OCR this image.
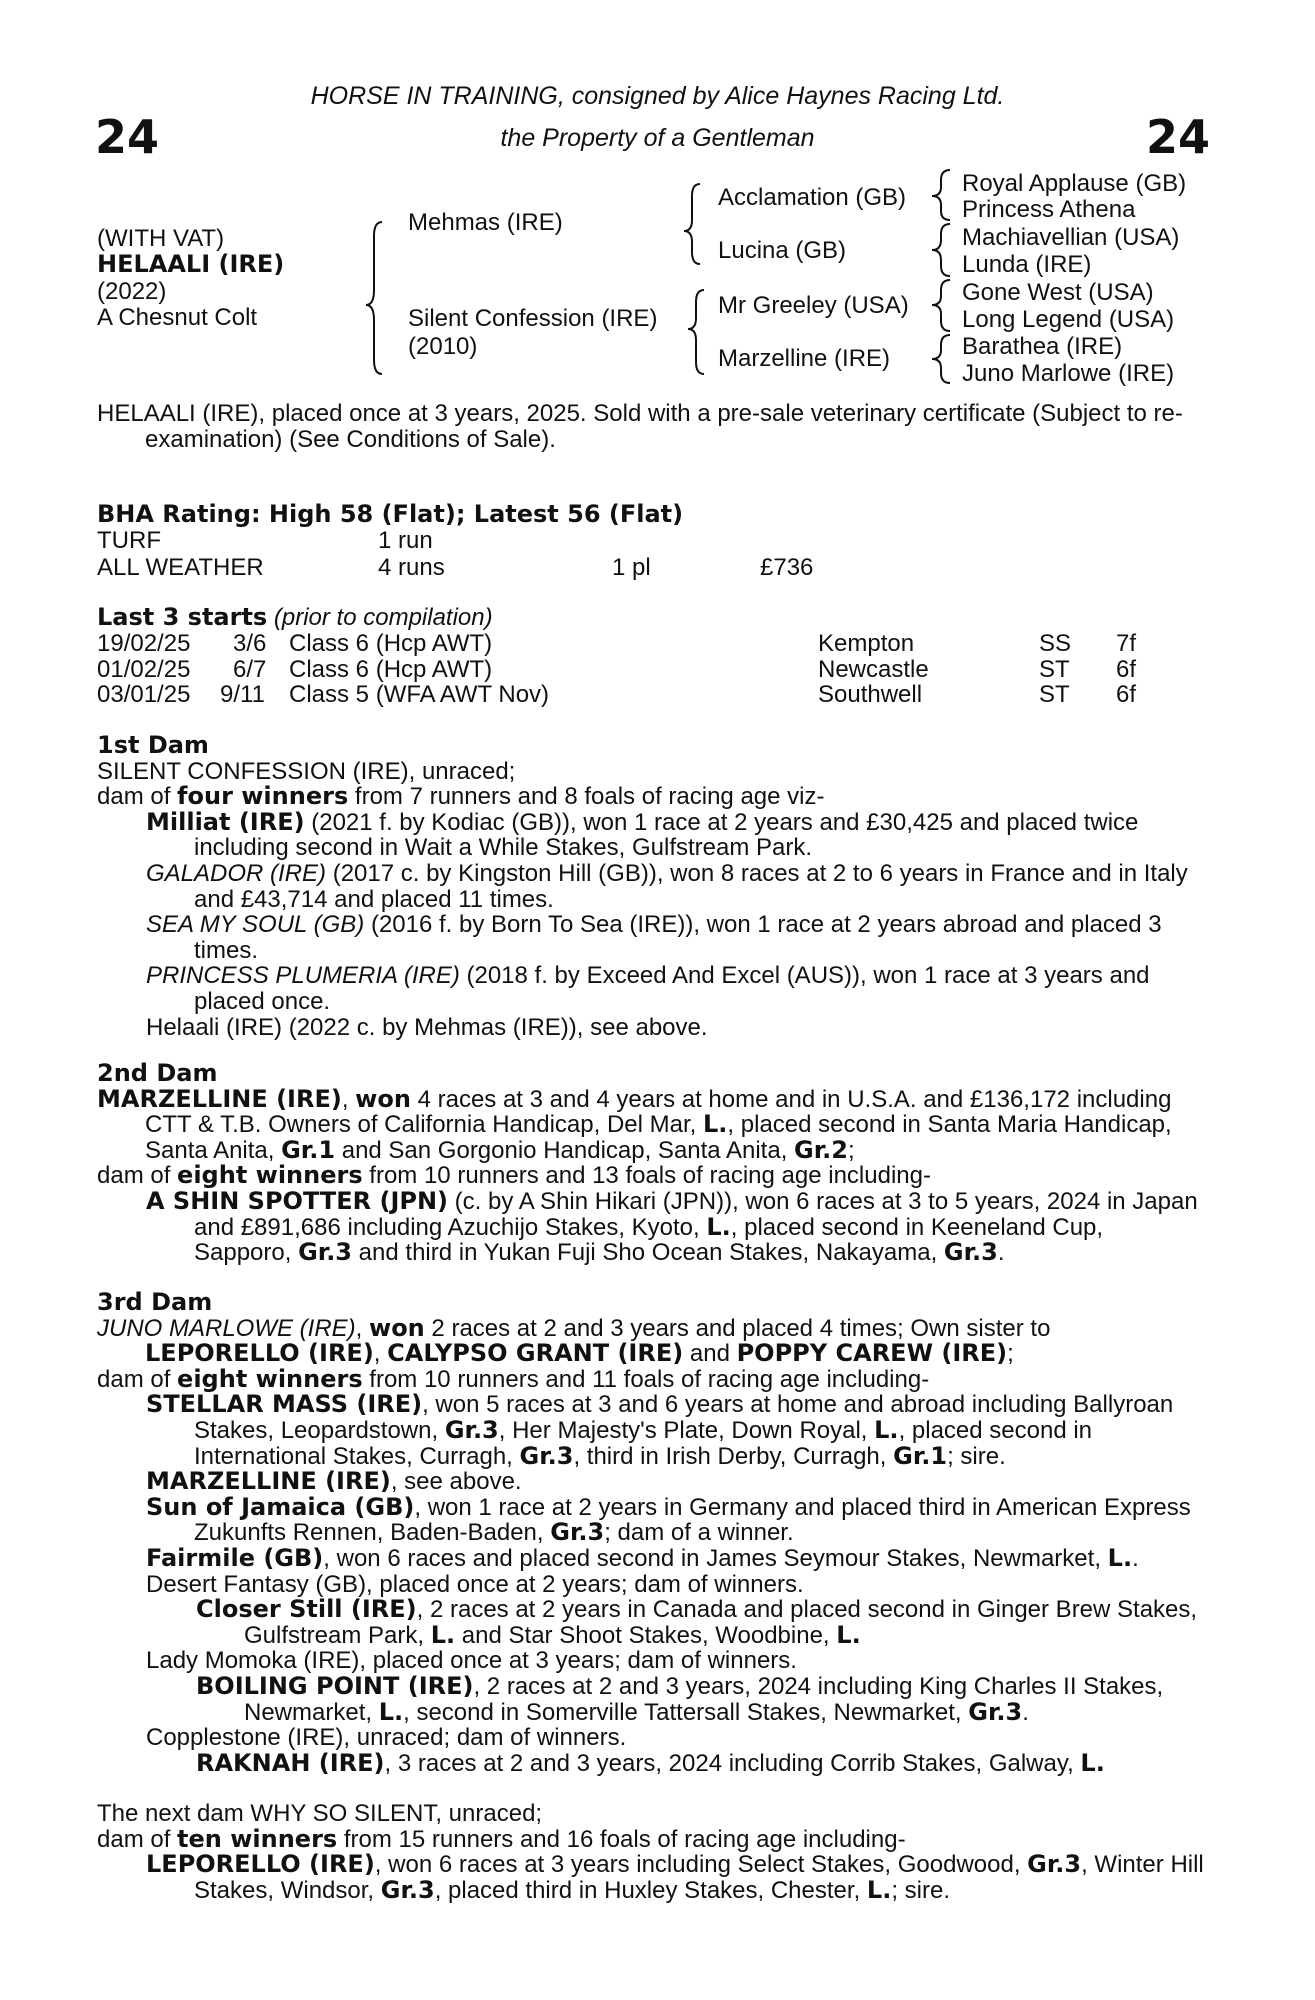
HORSE IN TRAINING, consigned by Alice Haynes Racing Ltd.
the Property of a Gentleman
24	24
(WITH VAT)
HELAALI (IRE)
(2022)
A Chesnut Colt
Mehmas (IRE)
Silent Confession (IRE)
(2010)
Acclamation (GB)
Lucina (GB)
Mr Greeley (USA)
Marzelline (IRE)
Royal Applause (GB)
Princess Athena
Machiavellian (USA)
Lunda (IRE)
Gone West (USA)
Long Legend (USA)
Barathea (IRE)
Juno Marlowe (IRE)

HELAALI (IRE), placed once at 3 years, 2025. Sold with a pre-sale veterinary certificate (Subject to re-examination) (See Conditions of Sale).

BHA Rating: High 58 (Flat); Latest 56 (Flat)
TURF	1 run
ALL WEATHER	4 runs	1 pl	£736
Last 3 starts (prior to compilation)
19/02/25 3/6 Class 6 (Hcp AWT)	Kempton	SS 7f
01/02/25 6/7 Class 6 (Hcp AWT)	Newcastle	ST 6f
03/01/25 9/11 Class 5 (WFA AWT Nov)	Southwell	ST 6f

1st Dam

SILENT CONFESSION (IRE), unraced;

dam of four winners from 7 runners and 8 foals of racing age viz-

Milliat (IRE) (2021 f. by Kodiac (GB)), won 1 race at 2 years and £30,425 and placed twice including second in Wait a While Stakes, Gulfstream Park.

GALADOR (IRE) (2017 c. by Kingston Hill (GB)), won 8 races at 2 to 6 years in France and in Italy and £43,714 and placed 11 times.

SEA MY SOUL (GB) (2016 f. by Born To Sea (IRE)), won 1 race at 2 years abroad and placed 3 times.

PRINCESS PLUMERIA (IRE) (2018 f. by Exceed And Excel (AUS)), won 1 race at 3 years and placed once.

Helaali (IRE) (2022 c. by Mehmas (IRE)), see above.

2nd Dam

MARZELLINE (IRE), won 4 races at 3 and 4 years at home and in U.S.A. and £136,172 including CTT & T.B. Owners of California Handicap, Del Mar, L., placed second in Santa Maria Handicap, Santa Anita, Gr.1 and San Gorgonio Handicap, Santa Anita, Gr.2;

dam of eight winners from 10 runners and 13 foals of racing age including-

A SHIN SPOTTER (JPN) (c. by A Shin Hikari (JPN)), won 6 races at 3 to 5 years, 2024 in Japan and £891,686 including Azuchijo Stakes, Kyoto, L., placed second in Keeneland Cup, Sapporo, Gr.3 and third in Yukan Fuji Sho Ocean Stakes, Nakayama, Gr.3.

3rd Dam

JUNO MARLOWE (IRE), won 2 races at 2 and 3 years and placed 4 times; Own sister to LEPORELLO (IRE), CALYPSO GRANT (IRE) and POPPY CAREW (IRE);

dam of eight winners from 10 runners and 11 foals of racing age including-

STELLAR MASS (IRE), won 5 races at 3 and 6 years at home and abroad including Ballyroan Stakes, Leopardstown, Gr.3, Her Majesty's Plate, Down Royal, L., placed second in International Stakes, Curragh, Gr.3, third in Irish Derby, Curragh, Gr.1; sire.

MARZELLINE (IRE), see above.

Sun of Jamaica (GB), won 1 race at 2 years in Germany and placed third in American Express Zukunfts Rennen, Baden-Baden, Gr.3; dam of a winner.

Fairmile (GB), won 6 races and placed second in James Seymour Stakes, Newmarket, L..

Desert Fantasy (GB), placed once at 2 years; dam of winners.

Closer Still (IRE), 2 races at 2 years in Canada and placed second in Ginger Brew Stakes, Gulfstream Park, L. and Star Shoot Stakes, Woodbine, L.

Lady Momoka (IRE), placed once at 3 years; dam of winners.

BOILING POINT (IRE), 2 races at 2 and 3 years, 2024 including King Charles II Stakes, Newmarket, L., second in Somerville Tattersall Stakes, Newmarket, Gr.3.

Copplestone (IRE), unraced; dam of winners.

RAKNAH (IRE), 3 races at 2 and 3 years, 2024 including Corrib Stakes, Galway, L.

The next dam WHY SO SILENT, unraced;

dam of ten winners from 15 runners and 16 foals of racing age including-

LEPORELLO (IRE), won 6 races at 3 years including Select Stakes, Goodwood, Gr.3, Winter Hill Stakes, Windsor, Gr.3, placed third in Huxley Stakes, Chester, L.; sire.
